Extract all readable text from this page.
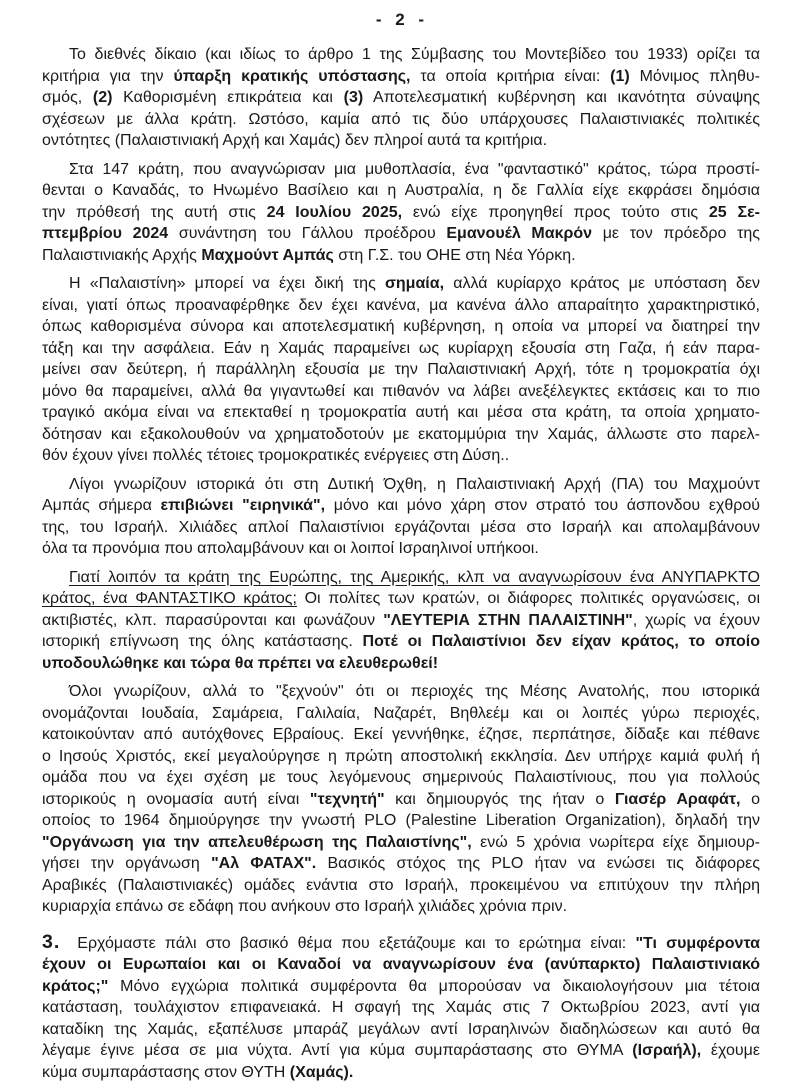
- 2 -
Το διεθνές δίκαιο (και ιδίως το άρθρο 1 της Σύμβασης του Μοντεβίδεο του 1933) ορίζει τα
κριτήρια για την ύπαρξη κρατικής υπόστασης, τα οποία κριτήρια είναι: (1) Μόνιμος πληθυ-
σμός, (2) Καθορισμένη επικράτεια και (3) Αποτελεσματική κυβέρνηση και ικανότητα σύναψης
σχέσεων με άλλα κράτη. Ωστόσο, καμία από τις δύο υπάρχουσες Παλαιστινιακές πολιτικές
οντότητες (Παλαιστινιακή Αρχή και Χαμάς) δεν πληροί αυτά τα κριτήρια.
Στα 147 κράτη, που αναγνώρισαν μια μυθοπλασία, ένα "φανταστικό" κράτος, τώρα προστί-
θενται ο Καναδάς, το Ηνωμένο Βασίλειο και η Αυστραλία, η δε Γαλλία είχε εκφράσει δημόσια
την πρόθεσή της αυτή στις 24 Ιουλίου 2025, ενώ είχε προηγηθεί προς τούτο στις 25 Σε-
πτεμβρίου 2024 συνάντηση του Γάλλου προέδρου Εμανουέλ Μακρόν με τον πρόεδρο της
Παλαιστινιακής Αρχής Μαχμούντ Αμπάς στη Γ.Σ. του ΟΗΕ στη Νέα Υόρκη.
Η «Παλαιστίνη» μπορεί να έχει δική της σημαία, αλλά κυρίαρχο κράτος με υπόσταση δεν
είναι, γιατί όπως προαναφέρθηκε δεν έχει κανένα, μα κανένα άλλο απαραίτητο χαρακτηριστικό,
όπως καθορισμένα σύνορα και αποτελεσματική κυβέρνηση, η οποία να μπορεί να διατηρεί την
τάξη και την ασφάλεια. Εάν η Χαμάς παραμείνει ως κυρίαρχη εξουσία στη Γαζα, ή εάν παρα-
μείνει σαν δεύτερη, ή παράλληλη εξουσία με την Παλαιστινιακή Αρχή, τότε η τρομοκρατία όχι
μόνο θα παραμείνει, αλλά θα γιγαντωθεί και πιθανόν να λάβει ανεξέλεγκτες εκτάσεις και το πιο
τραγικό ακόμα είναι να επεκταθεί η τρομοκρατία αυτή και μέσα στα κράτη, τα οποία χρηματο-
δότησαν και εξακολουθούν να χρηματοδοτούν με εκατομμύρια την Χαμάς, άλλωστε στο παρελ-
θόν έχουν γίνει πολλές τέτοιες τρομοκρατικές ενέργειες στη Δύση..
Λίγοι γνωρίζουν ιστορικά ότι στη Δυτική Όχθη, η Παλαιστινιακή Αρχή (ΠΑ) του Μαχμούντ
Αμπάς σήμερα επιβιώνει "ειρηνικά", μόνο και μόνο χάρη στον στρατό του άσπονδου εχθρού
της, του Ισραήλ. Χιλιάδες απλοί Παλαιστίνιοι εργάζονται μέσα στο Ισραήλ και απολαμβάνουν
όλα τα προνόμια που απολαμβάνουν και οι λοιποί Ισραηλινοί υπήκοοι.
Γιατί λοιπόν τα κράτη της Ευρώπης, της Αμερικής, κλπ να αναγνωρίσουν ένα ΑΝΥΠΑΡΚΤΟ
κράτος, ένα ΦΑΝΤΑΣΤΙΚΟ κράτος; Οι πολίτες των κρατών, οι διάφορες πολιτικές οργανώσεις, οι
ακτιβιστές, κλπ. παρασύρονται και φωνάζουν "ΛΕΥΤΕΡΙΑ ΣΤΗΝ ΠΑΛΑΙΣΤΙΝΗ", χωρίς να έχουν
ιστορική επίγνωση της όλης κατάστασης. Ποτέ οι Παλαιστίνιοι δεν είχαν κράτος, το οποίο
υποδουλώθηκε και τώρα θα πρέπει να ελευθερωθεί!
Όλοι γνωρίζουν, αλλά το "ξεχνούν" ότι οι περιοχές της Μέσης Ανατολής, που ιστορικά
ονομάζονται Ιουδαία, Σαμάρεια, Γαλιλαία, Ναζαρέτ, Βηθλεέμ και οι λοιπές γύρω περιοχές,
κατοικούνταν από αυτόχθονες Εβραίους. Εκεί γεννήθηκε, έζησε, περπάτησε, δίδαξε και πέθανε
ο Ιησούς Χριστός, εκεί μεγαλούργησε η πρώτη αποστολική εκκλησία. Δεν υπήρχε καμιά φυλή ή
ομάδα που να έχει σχέση με τους λεγόμενους σημερινούς Παλαιστίνιους, που για πολλούς
ιστορικούς η ονομασία αυτή είναι "τεχνητή" και δημιουργός της ήταν ο Γιασέρ Αραφάτ, ο
οποίος το 1964 δημιούργησε την γνωστή PLO (Palestine Liberation Organization), δηλαδή την
"Οργάνωση για την απελευθέρωση της Παλαιστίνης", ενώ 5 χρόνια νωρίτερα είχε δημιουρ-
γήσει την οργάνωση "Αλ ΦΑΤΑΧ". Βασικός στόχος της PLO ήταν να ενώσει τις διάφορες
Αραβικές (Παλαιστινιακές) ομάδες ενάντια στο Ισραήλ, προκειμένου να επιτύχουν την πλήρη
κυριαρχία επάνω σε εδάφη που ανήκουν στο Ισραήλ χιλιάδες χρόνια πριν.
3. Ερχόμαστε πάλι στο βασικό θέμα που εξετάζουμε και το ερώτημα είναι: "Τι συμφέροντα
έχουν οι Ευρωπαίοι και οι Καναδοί να αναγνωρίσουν ένα (ανύπαρκτο) Παλαιστινιακό
κράτος;" Μόνο εγχώρια πολιτικά συμφέροντα θα μπορούσαν να δικαιολογήσουν μια τέτοια
κατάσταση, τουλάχιστον επιφανειακά. Η σφαγή της Χαμάς στις 7 Οκτωβρίου 2023, αντί για
καταδίκη της Χαμάς, εξαπέλυσε μπαράζ μεγάλων αντί Ισραηλινών διαδηλώσεων και αυτό θα
λέγαμε έγινε μέσα σε μια νύχτα. Αντί για κύμα συμπαράστασης στο ΘΥΜΑ (Ισραήλ), έχουμε
κύμα συμπαράστασης στον ΘΥΤΗ (Χαμάς).
